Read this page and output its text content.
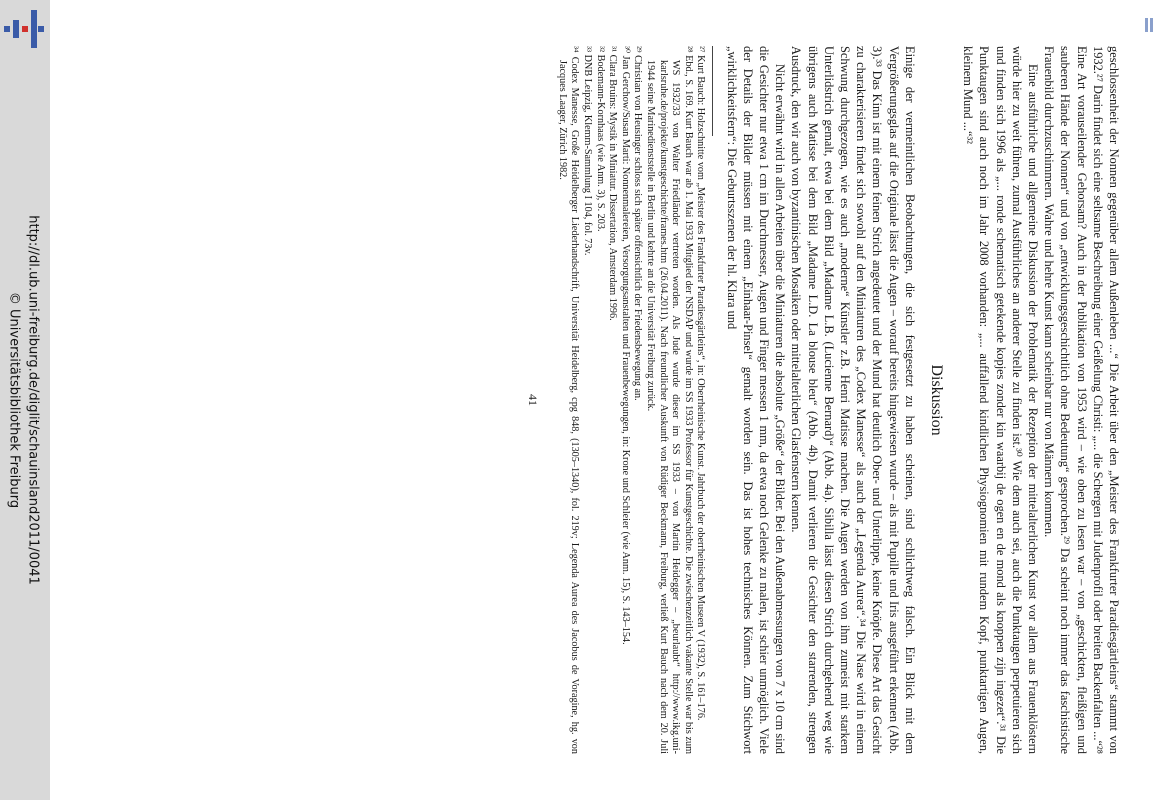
http://dl.ub.uni-freiburg.de/diglit/schauinsland2011/0041
© Universitätsbibliothek Freiburg	geschlossenheit der Nonnen gegenüber allem Außenleben ...“ Die Arbeit über den „Meister des Frankfurter Paradiesgärtleins“ stammt von 1932.²⁷ Darin findet sich eine seltsame Beschreibung einer Geißelung Christi: „... die Schergen mit Judenprofil oder breiten Backenfalten ...“²⁸ Eine Art vorauseilender Gehorsam? Auch in der Publikation von 1953 wird – wie oben zu lesen war – von „geschickten, fleißigen und sauberen Hände der Nonnen“ und von „entwicklungsgeschichtlich ohne Bedeutung“ gesprochen.²⁹ Da scheint noch immer das faschistische Frauenbild durchzuschimmern. Wahre und hehre Kunst kann scheinbar nur von Männern kommen.

Eine ausführliche und allgemeine Diskussion der Problematik der Rezeption der mittelalterlichen Kunst vor allem aus Frauenklöstern würde hier zu weit führen, zumal Ausführliches an anderer Stelle zu finden ist.³⁰ Wie dem auch sei, auch die Punktaugen perpetuieren sich und finden sich 1996 als „... ronde schematisch getekende kopjes zonder kin waarbij de ogen en de mond als knoppen zijn ingezet“.³¹ Die Punktaugen sind auch noch im Jahr 2008 vorhanden: „... auffallend kindlichen Physiognomien mit rundem Kopf, punktartigen Augen, kleinem Mund ...“³²

Diskussion

Einige der vermeintlichen Beobachtungen, die sich festgesetzt zu haben scheinen, sind schlichtweg falsch. Ein Blick mit dem Vergrößerungsglas auf die Originale lässt die Augen – worauf bereits hingewiesen wurde – als mit Pupille und Iris ausgeführt erkennen (Abb. 3).³³ Das Kinn ist mit einem feinen Strich angedeutet und der Mund hat deutlich Ober- und Unterlippe, keine Knöpfe. Diese Art das Gesicht zu charakterisieren findet sich sowohl auf den Miniaturen des „Codex Manesse“ als auch der „Legenda Aurea“.³⁴ Die Nase wird in einem Schwung durchgezogen, wie es auch „moderne“ Künstler z.B. Henri Matisse machen. Die Augen werden von ihm zumeist mit starkem Unterlidstrich gemalt, etwa bei dem Bild „Madame L.B. (Lucienne Bernard)“ (Abb. 4a). Sibilla lässt diesen Strich durchgehend weg wie übrigens auch Matisse bei dem Bild „Madame L.D. La blouse bleu“ (Abb. 4b). Damit verlieren die Gesichter den starrenden, strengen Ausdruck, den wir auch von byzantinischen Mosaiken oder mittelalterlichen Glasfenstern kennen.

Nicht erwähnt wird in allen Arbeiten über die Miniaturen die absolute „Größe“ der Bilder. Bei den Außenabmessungen von 7 x 10 cm sind die Gesichter nur etwa 1 cm im Durchmesser, Augen und Finger messen 1 mm, da etwa noch Gelenke zu malen, ist schier unmöglich. Viele der Details der Bilder müssen mit einem „Einhaar-Pinsel“ gemalt worden sein. Das ist hohes technisches Können. Zum Stichwort „wirklichkeitsfern“: Die Geburtsszenen der hl. Klara und

²⁷ Kurt Bauch: Holzschnitte vom „Meister des Frankfurter Paradiesgärtleins“, in: Oberrheinische Kunst. Jahrbuch der oberrheinischen Museen V (1932), S. 161–176.

²⁸ Ebd., S. 169. Kurt Bauch war ab 1. Mai 1933 Mitglied der NSDAP und wurde im SS 1933 Professor für Kunstgeschichte. Die zwischenzeitlich vakante Stelle war bis zum WS 1932/33 von Walter Friedländer vertreten worden. Als Jude wurde dieser im SS 1933 – von Martin Heidegger – „beurlaubt“ http://www.ikg.uni-karlsruhe.de/projekte/kunstgeschichte/frames.htm (26.04.2011). Nach freundlicher Auskunft von Rüdiger Beckmann, Freiburg, verließ Kurt Bauch nach dem 20. Juli 1944 seine Marinedienststelle in Berlin und kehrte an die Universität Freiburg zurück.

²⁹ Christian von Heusinger schloss sich später offensichtlich der Friedensbewegung an.

³⁰ Jan Gerchow/Susan Marti: Nonnenmalereien, Versorgungsanstalten und Frauenbewegungen, in: Krone und Schleier (wie Anm. 15), S. 143–154.

³¹ Clara Bruins: Mystik in Miniatur. Dissertation, Amsterdam 1996.

³² Bodemann-Kornhaas (wie Anm. 3), S. 203.

³³ DNB Leipzig, Klemm-Sammlung I 104, fol. 73v.

³⁴ Codex Manesse, Große Heidelberger Liederhandschrift, Universität Heidelberg, cpg 848, (1305–1340), fol. 219v; Legenda Aurea des Jacobus de Voragine, hg. von Jacques Laager, Zürich 1982.

41
